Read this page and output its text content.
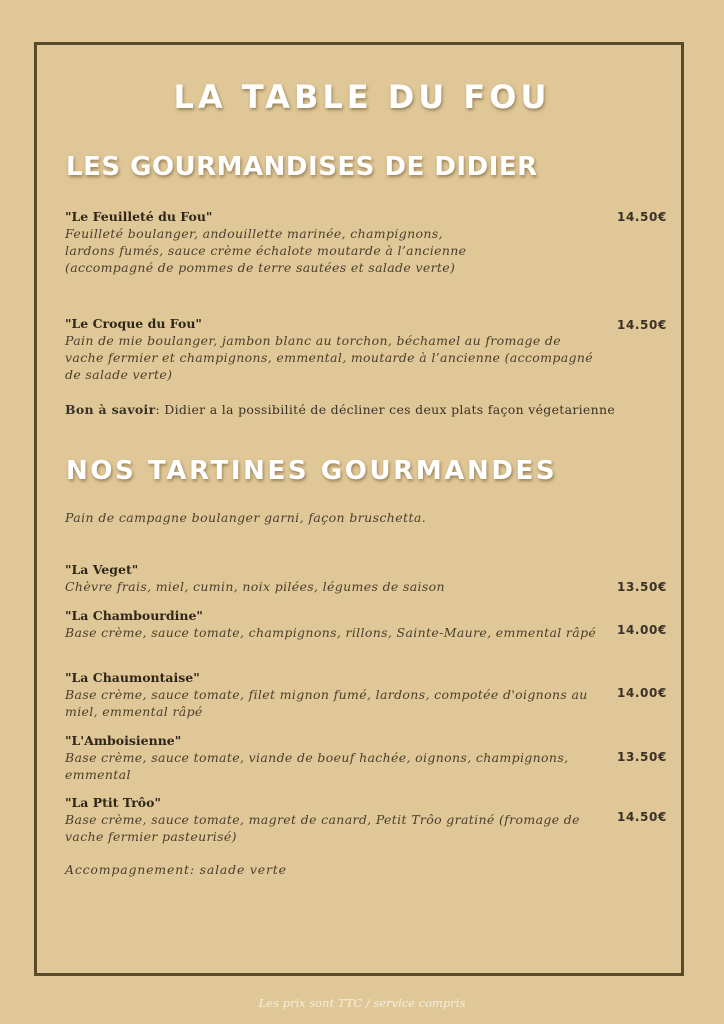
LA TABLE DU FOU
LES GOURMANDISES DE DIDIER
"Le Feuilleté du Fou"
Feuilleté boulanger, andouillette marinée, champignons, lardons fumés, sauce crème échalote moutarde à l’ancienne (accompagné de pommes de terre sautées et salade verte)
14.50€
"Le Croque du Fou"
Pain de mie boulanger, jambon blanc au torchon, béchamel au fromage de vache fermier et champignons, emmental, moutarde à l’ancienne (accompagné de salade verte)
14.50€
Bon à savoir: Didier a la possibilité de décliner ces deux plats façon végetarienne
NOS TARTINES GOURMANDES
Pain de campagne boulanger garni, façon bruschetta.
"La Veget"
Chèvre frais, miel, cumin, noix pilées, légumes de saison	13.50€
"La Chambourdine"
Base crème, sauce tomate, champignons, rillons, Sainte-Maure, emmental râpé	14.00€
"La Chaumontaise"
Base crème, sauce tomate, filet mignon fumé, lardons, compotée d'oignons au miel, emmental râpé
14.00€
"L'Amboisienne"
Base crème, sauce tomate, viande de boeuf hachée, oignons, champignons, emmental
13.50€
"La Ptit Trôo"
Base crème, sauce tomate, magret de canard, Petit Trôo gratiné (fromage de vache fermier pasteurisé)
14.50€
Accompagnement: salade verte
Les prix sont TTC / service compris
